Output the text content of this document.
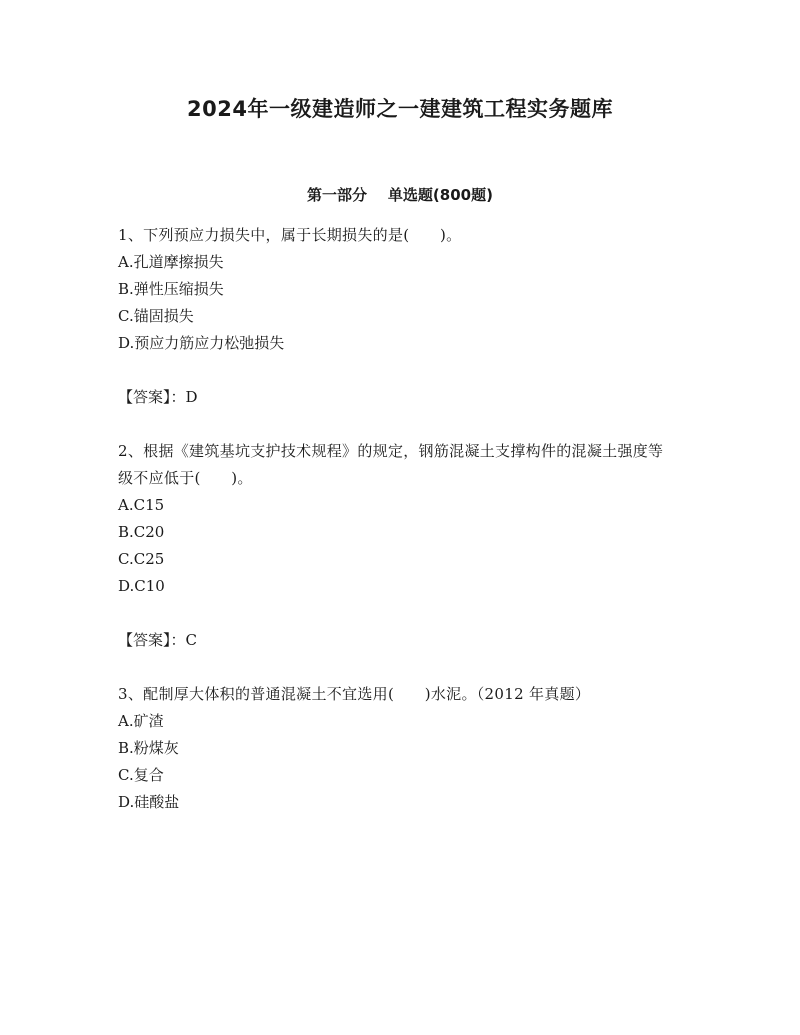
2024年一级建造师之一建建筑工程实务题库
第一部分    单选题(800题)

1、下列预应力损失中，属于长期损失的是(　　)。

A.孔道摩擦损失

B.弹性压缩损失

C.锚固损失

D.预应力筋应力松弛损失

【答案】：D

2、根据《建筑基坑支护技术规程》的规定，钢筋混凝土支撑构件的混凝土强度等级不应低于(　　)。

A.C15

B.C20

C.C25

D.C10

【答案】：C

3、配制厚大体积的普通混凝土不宜选用(　　)水泥。（2012 年真题）

A.矿渣

B.粉煤灰

C.复合

D.硅酸盐
